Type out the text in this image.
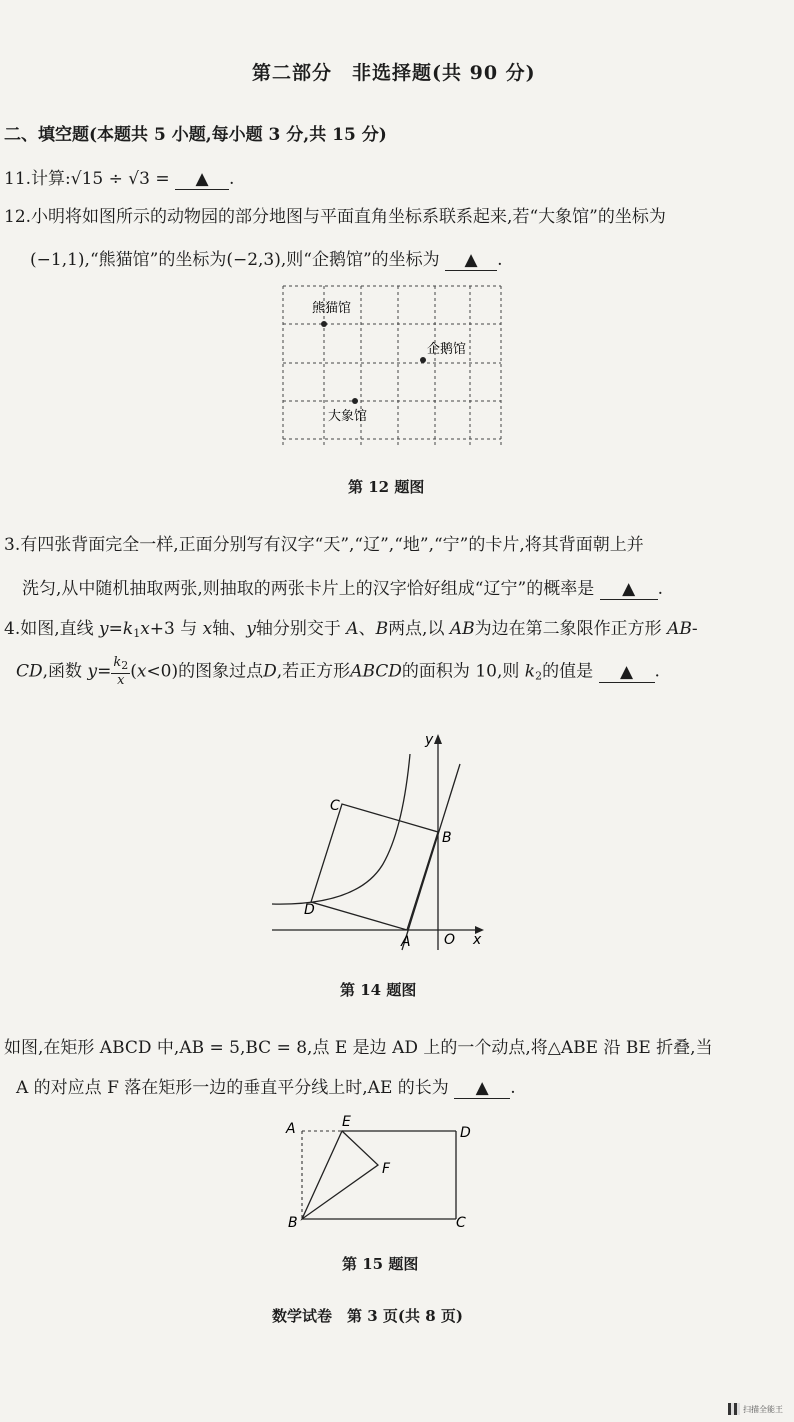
第二部分　非选择题(共 90 分)
二、填空题(本题共 5 小题,每小题 3 分,共 15 分)
11.计算:√15 ÷ √3 = ▲ .
12.小明将如图所示的动物园的部分地图与平面直角坐标系联系起来,若“大象馆”的坐标为
(−1,1),“熊猫馆”的坐标为(−2,3),则“企鹅馆”的坐标为 ▲ .
熊猫馆
企鹅馆
大象馆
第 12 题图
3.有四张背面完全一样,正面分别写有汉字“天”,“辽”,“地”,“宁”的卡片,将其背面朝上并
洗匀,从中随机抽取两张,则抽取的两张卡片上的汉字恰好组成“辽宁”的概率是 ▲ .
4.如图,直线 $y=k_1x+3$ 与 x轴、y轴分别交于 A、B两点,以 AB为边在第二象限作正方形 AB-
CD,函数 $y= \frac{k_2}{x} (x<0)$的图象过点D,若正方形ABCD的面积为 10,则 $k_2$的值是 ▲ .
y
x
O
A
B
C
D
第 14 题图
如图,在矩形 ABCD 中,AB = 5,BC = 8,点 E 是边 AD 上的一个动点,将△ABE 沿 BE 折叠,当
A 的对应点 F 落在矩形一边的垂直平分线上时,AE 的长为 ▲ .
A	E
D
F
B	C
第 15 题图
数学试卷　第 3 页(共 8 页)
扫描全能王
